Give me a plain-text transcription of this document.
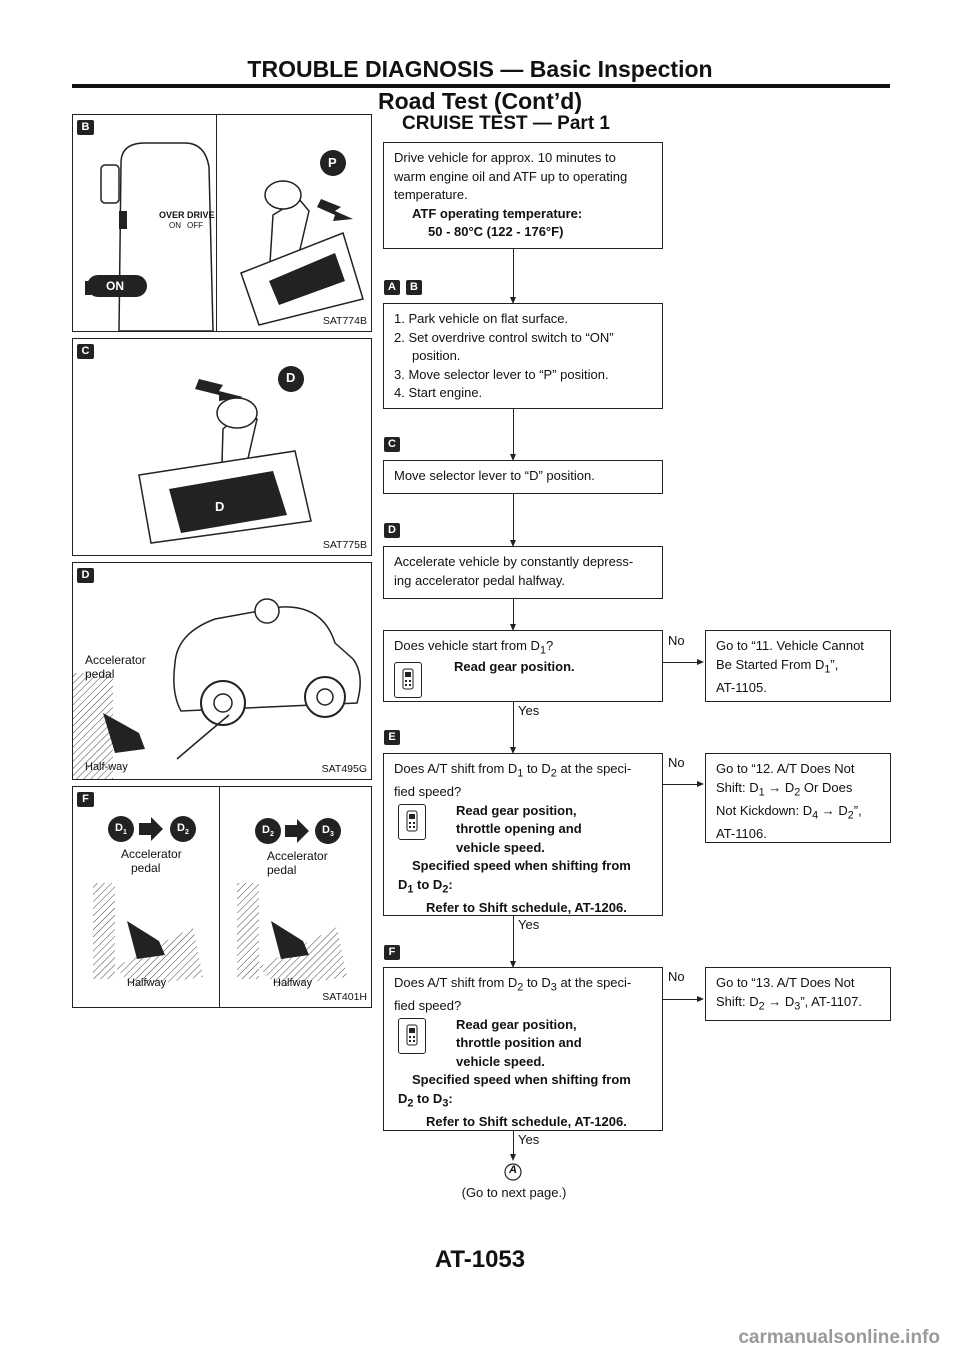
TROUBLE DIAGNOSIS — Basic Inspection
Road Test (Cont’d)
CRUISE TEST — Part 1
B
OVER DRIVE
ON OFF
ON
P
SAT774B
C
D
D
SAT775B
D
Accelerator
pedal
Half-way	SAT495G
F
$D_1$	$D_2$	$D_2$	$D_3$
Accelerator
pedal
Halfway
Accelerator
pedal
Halfway
SAT401H
Drive vehicle for approx. 10 minutes to
warm engine oil and ATF up to operating
temperature.
ATF operating temperature:
50 - 80°C (122 - 176°F)
A	B
1. Park vehicle on flat surface.
2. Set overdrive control switch to “ON”
position.
3. Move selector lever to “P” position.
4. Start engine.
C
Move selector lever to “D” position.
D
Accelerate vehicle by constantly depress-
ing accelerator pedal halfway.
Does vehicle start from $D_1$?
Read gear position.
No Go to “11. Vehicle Cannot
Be Started From $D_1$”,
AT-1105.
Yes
E
Does A/T shift from $D_1$ to $D_2$ at the speci-
fied speed?
Read gear position,
throttle opening and
vehicle speed.
Specified speed when shifting from
$D_1$ to $D_2$:
Refer to Shift schedule, AT-1206.
No Go to “12. A/T Does Not
Shift: $D_1 \to D_2$ Or Does
Not Kickdown: $D_4 \to D_2$”,
AT-1106.
Yes
F
Does A/T shift from $D_2$ to $D_3$ at the speci-
fied speed?
Read gear position,
throttle position and
vehicle speed.
Specified speed when shifting from
$D_2$ to $D_3$:
Refer to Shift schedule, AT-1206.
No Go to “13. A/T Does Not
Shift: $D_2 \to D_3$”, AT-1107.
Yes
A
(Go to next page.)
AT-1053
carmanualsonline.info
